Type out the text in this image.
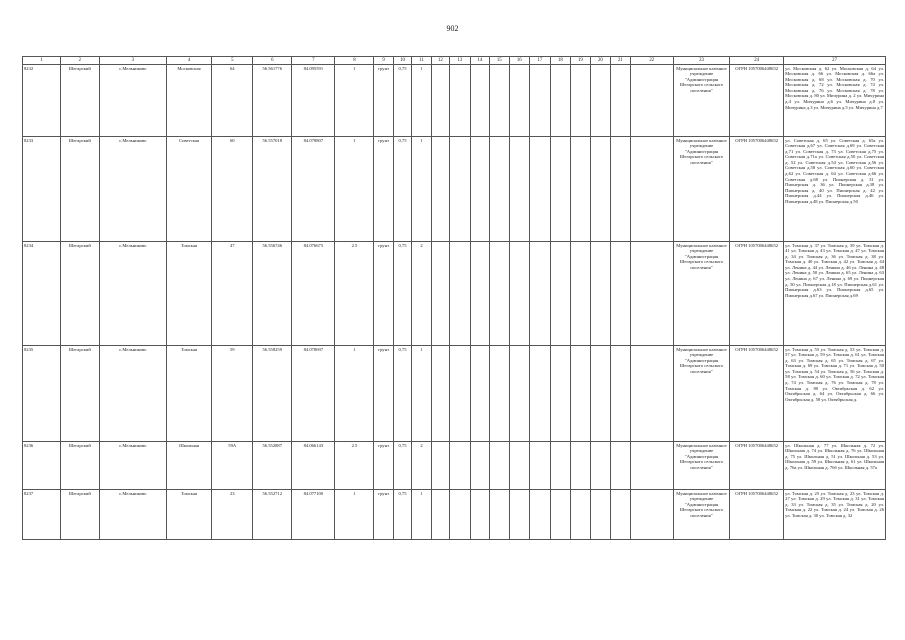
902
1	2	3	4	5	6	7	8	9	10	11	12	13	14	15	16	17	18	19	20	21	22	23	24	27
8232	Шегарский	с.Мельниково	Московская	64	56.561776	84.095591	1	грунт	0,75	1												Муниципальное казенное учреждение "Администрация Шегарского сельского поселения"	ОГРН 1057006448652	ул. Московская д. 62 ул. Московская д. 64 ул. Московская д. 66 ул. Московская д. 66а ул. Московская д. 68 ул. Московская д. 70 ул. Московская д. 72 ул. Московская д. 74 ул. Московская д. 76 ул. Московская д. 78 ул. Московская д. 80 ул. Мичурина д. 2 ул. Мичурина д.4 ул. Мичурина д.6 ул. Мичурина д.8 ул. Мичурина д.3 ул. Мичурина д.5 ул. Мичурина д.7
8233	Шегарский	с.Мельниково	Советская	60	56.557018	84.078807	1	грунт	0,75	1												Муниципальное казенное учреждение "Администрация Шегарского сельского поселения"	ОГРН 1057006448652	ул. Советская д. 65 ул. Советская д. 65а ул. Советская д.67 ул. Советская д.69 ул. Советская д.71 ул. Советская д. 73 ул. Советская д.75 ул. Советская д.71а ул. Советская д.50 ул. Советская д. 52 ул. Советская д.54 ул. Советская д.56 ул. Советская д.58 ул. Советская д.60 ул. Советская д.62 ул. Советская д. 64 ул. Советская д.66 ул. Советская д.68 ул. Пионерская д. 31 ул. Пионерская д. 36 ул. Пионерская д.38 ул. Пионерская д. 40 ул. Пионерская д. 42 ул. Пионерская д.44 ул. Пионерская д.46 ул. Пионерская д.48 ул. Пионерская д.50
8234	Шегарский	с.Мельниково	Томская	47	56.556746	84.076675	2.5	грунт	0,75	2												Муниципальное казенное учреждение "Администрация Шегарского сельского поселения"	ОГРН 1057006448652	ул. Томская д. 37 ул. Томская д. 39 ул. Томская д. 41 ул. Томская д. 43 ул. Томская д. 47 ул. Томская д. 34 ул. Томская д. 36 ул. Томская д. 38 ул. Томская д. 40 ул. Томская д. 42 ул. Томская д. 44 ул. Ленина д. 44 ул. Ленина д. 46 ул. Ленина д. 48 ул. Ленина д. 50 ул. Ленина д. 65 ул. Ленина д. 63 ул. Ленина д. 67 ул. Ленина д. 69 ул. Пионерская д. 50 ул. Пионерская д.18 ул. Пионерская д.61 ул. Пионерская д.63 ул. Пионерская д.65 ул. Пионерская д.67 ул. Пионерская д.69
8235	Шегарский	с.Мельниково	Томская	59	56.558259	84.078697	1	грунт	0,75	1												Муниципальное казенное учреждение "Администрация Шегарского сельского поселения"	ОГРН 1057006448652	ул. Томская д. 55 ул. Томская д. 53 ул. Томская д. 57 ул. Томская д. 59 ул. Томская д. 61 ул. Томская д. 63 ул. Томская д. 65 ул. Томская д. 67 ул. Томская д. 69 ул. Томская д. 71 ул. Томская д. 50 ул. Томская д. 54 ул. Томская д. 56 ул. Томская д. 58 ул. Томская д. 60 ул. Томская д. 72 ул. Томская д. 74 ул. Томская д. 76 ул. Томская д. 78 ул. Томская д. 80 ул. Октябрьская д. 62 ул. Октябрьская д. 64 ул. Октябрьская д. 66 ул. Октябрьская д. 58 ул. Октябрьская д.
8236	Шегарский	с.Мельниково	Школьная	59А	56.552887	84.066143	2.5	грунт	0,75	2												Муниципальное казенное учреждение "Администрация Шегарского сельского поселения"	ОГРН 1057006448652	ул. Школьная д. 77 ул. Школьная д. 72 ул. Школьная д. 74 ул. Школьная д. 76 ул. Школьная д. 75 ул. Школьная д. 51 ул. Школьная д. 53 ул. Школьная д. 59 ул. Школьная д. 61 ул. Школьная д. 76а ул. Школьная д. 76б ул. Школьная д. 57а
8237	Шегарский	с.Мельниково	Томская	23	56.552712	84.077100	1	грунт	0,75	1												Муниципальное казенное учреждение "Администрация Шегарского сельского поселения"	ОГРН 1057006448652	ул. Томская д. 25 ул. Томская д. 23 ул. Томская д. 27 ул. Томская д. 29 ул. Томская д. 31 ул. Томская д. 33 ул. Томская д. 35 ул. Томская д. 20 ул. Томская д. 22 ул. Томская д. 24 ул. Томская д. 26 ул. Томская д. 30 ул. Томская д. 32
